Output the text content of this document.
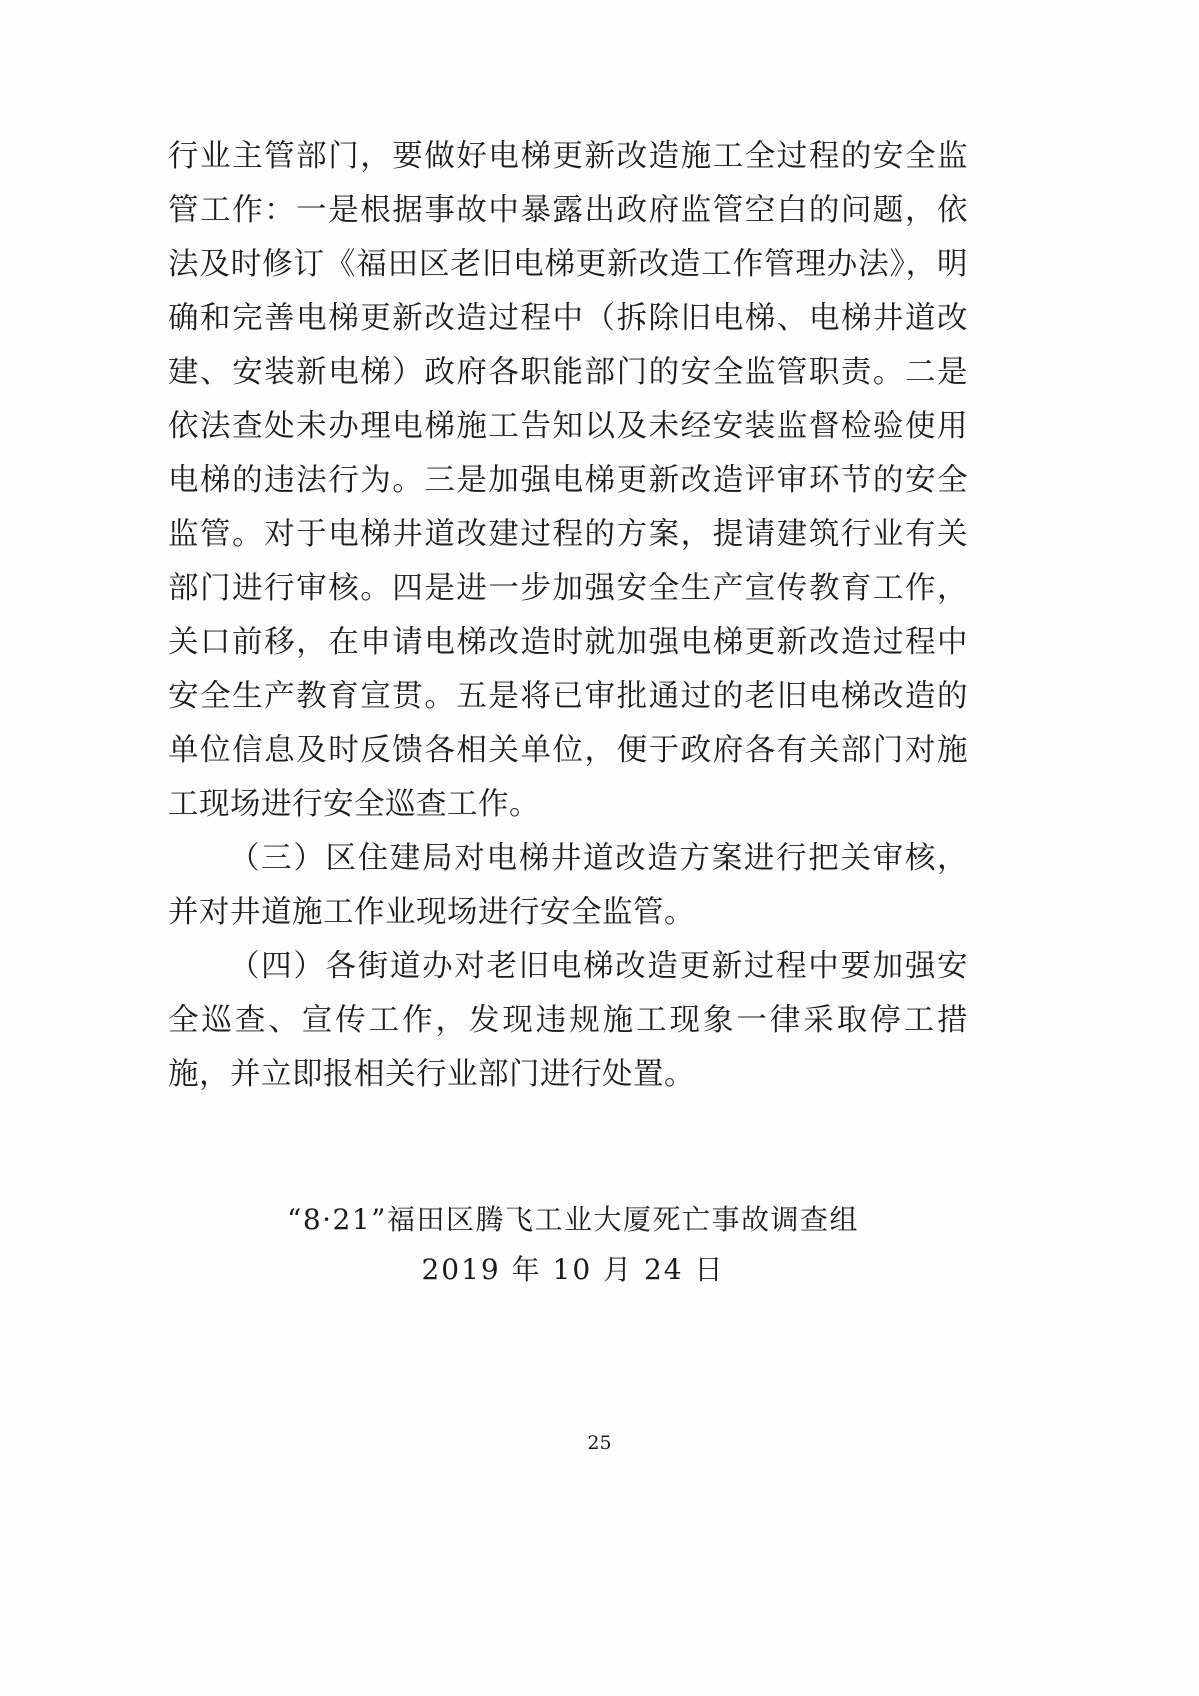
行业主管部门，要做好电梯更新改造施工全过程的安全监管工作：一是根据事故中暴露出政府监管空白的问题，依法及时修订《福田区老旧电梯更新改造工作管理办法》，明确和完善电梯更新改造过程中（拆除旧电梯、电梯井道改建、安装新电梯）政府各职能部门的安全监管职责。二是依法查处未办理电梯施工告知以及未经安装监督检验使用电梯的违法行为。三是加强电梯更新改造评审环节的安全监管。对于电梯井道改建过程的方案，提请建筑行业有关部门进行审核。四是进一步加强安全生产宣传教育工作，关口前移，在申请电梯改造时就加强电梯更新改造过程中安全生产教育宣贯。五是将已审批通过的老旧电梯改造的单位信息及时反馈各相关单位，便于政府各有关部门对施工现场进行安全巡查工作。

（三）区住建局对电梯井道改造方案进行把关审核，并对井道施工作业现场进行安全监管。

（四）各街道办对老旧电梯改造更新过程中要加强安全巡查、宣传工作，发现违规施工现象一律采取停工措施，并立即报相关行业部门进行处置。

“8·21”福田区腾飞工业大厦死亡事故调查组
2019 年 10 月 24 日
25
